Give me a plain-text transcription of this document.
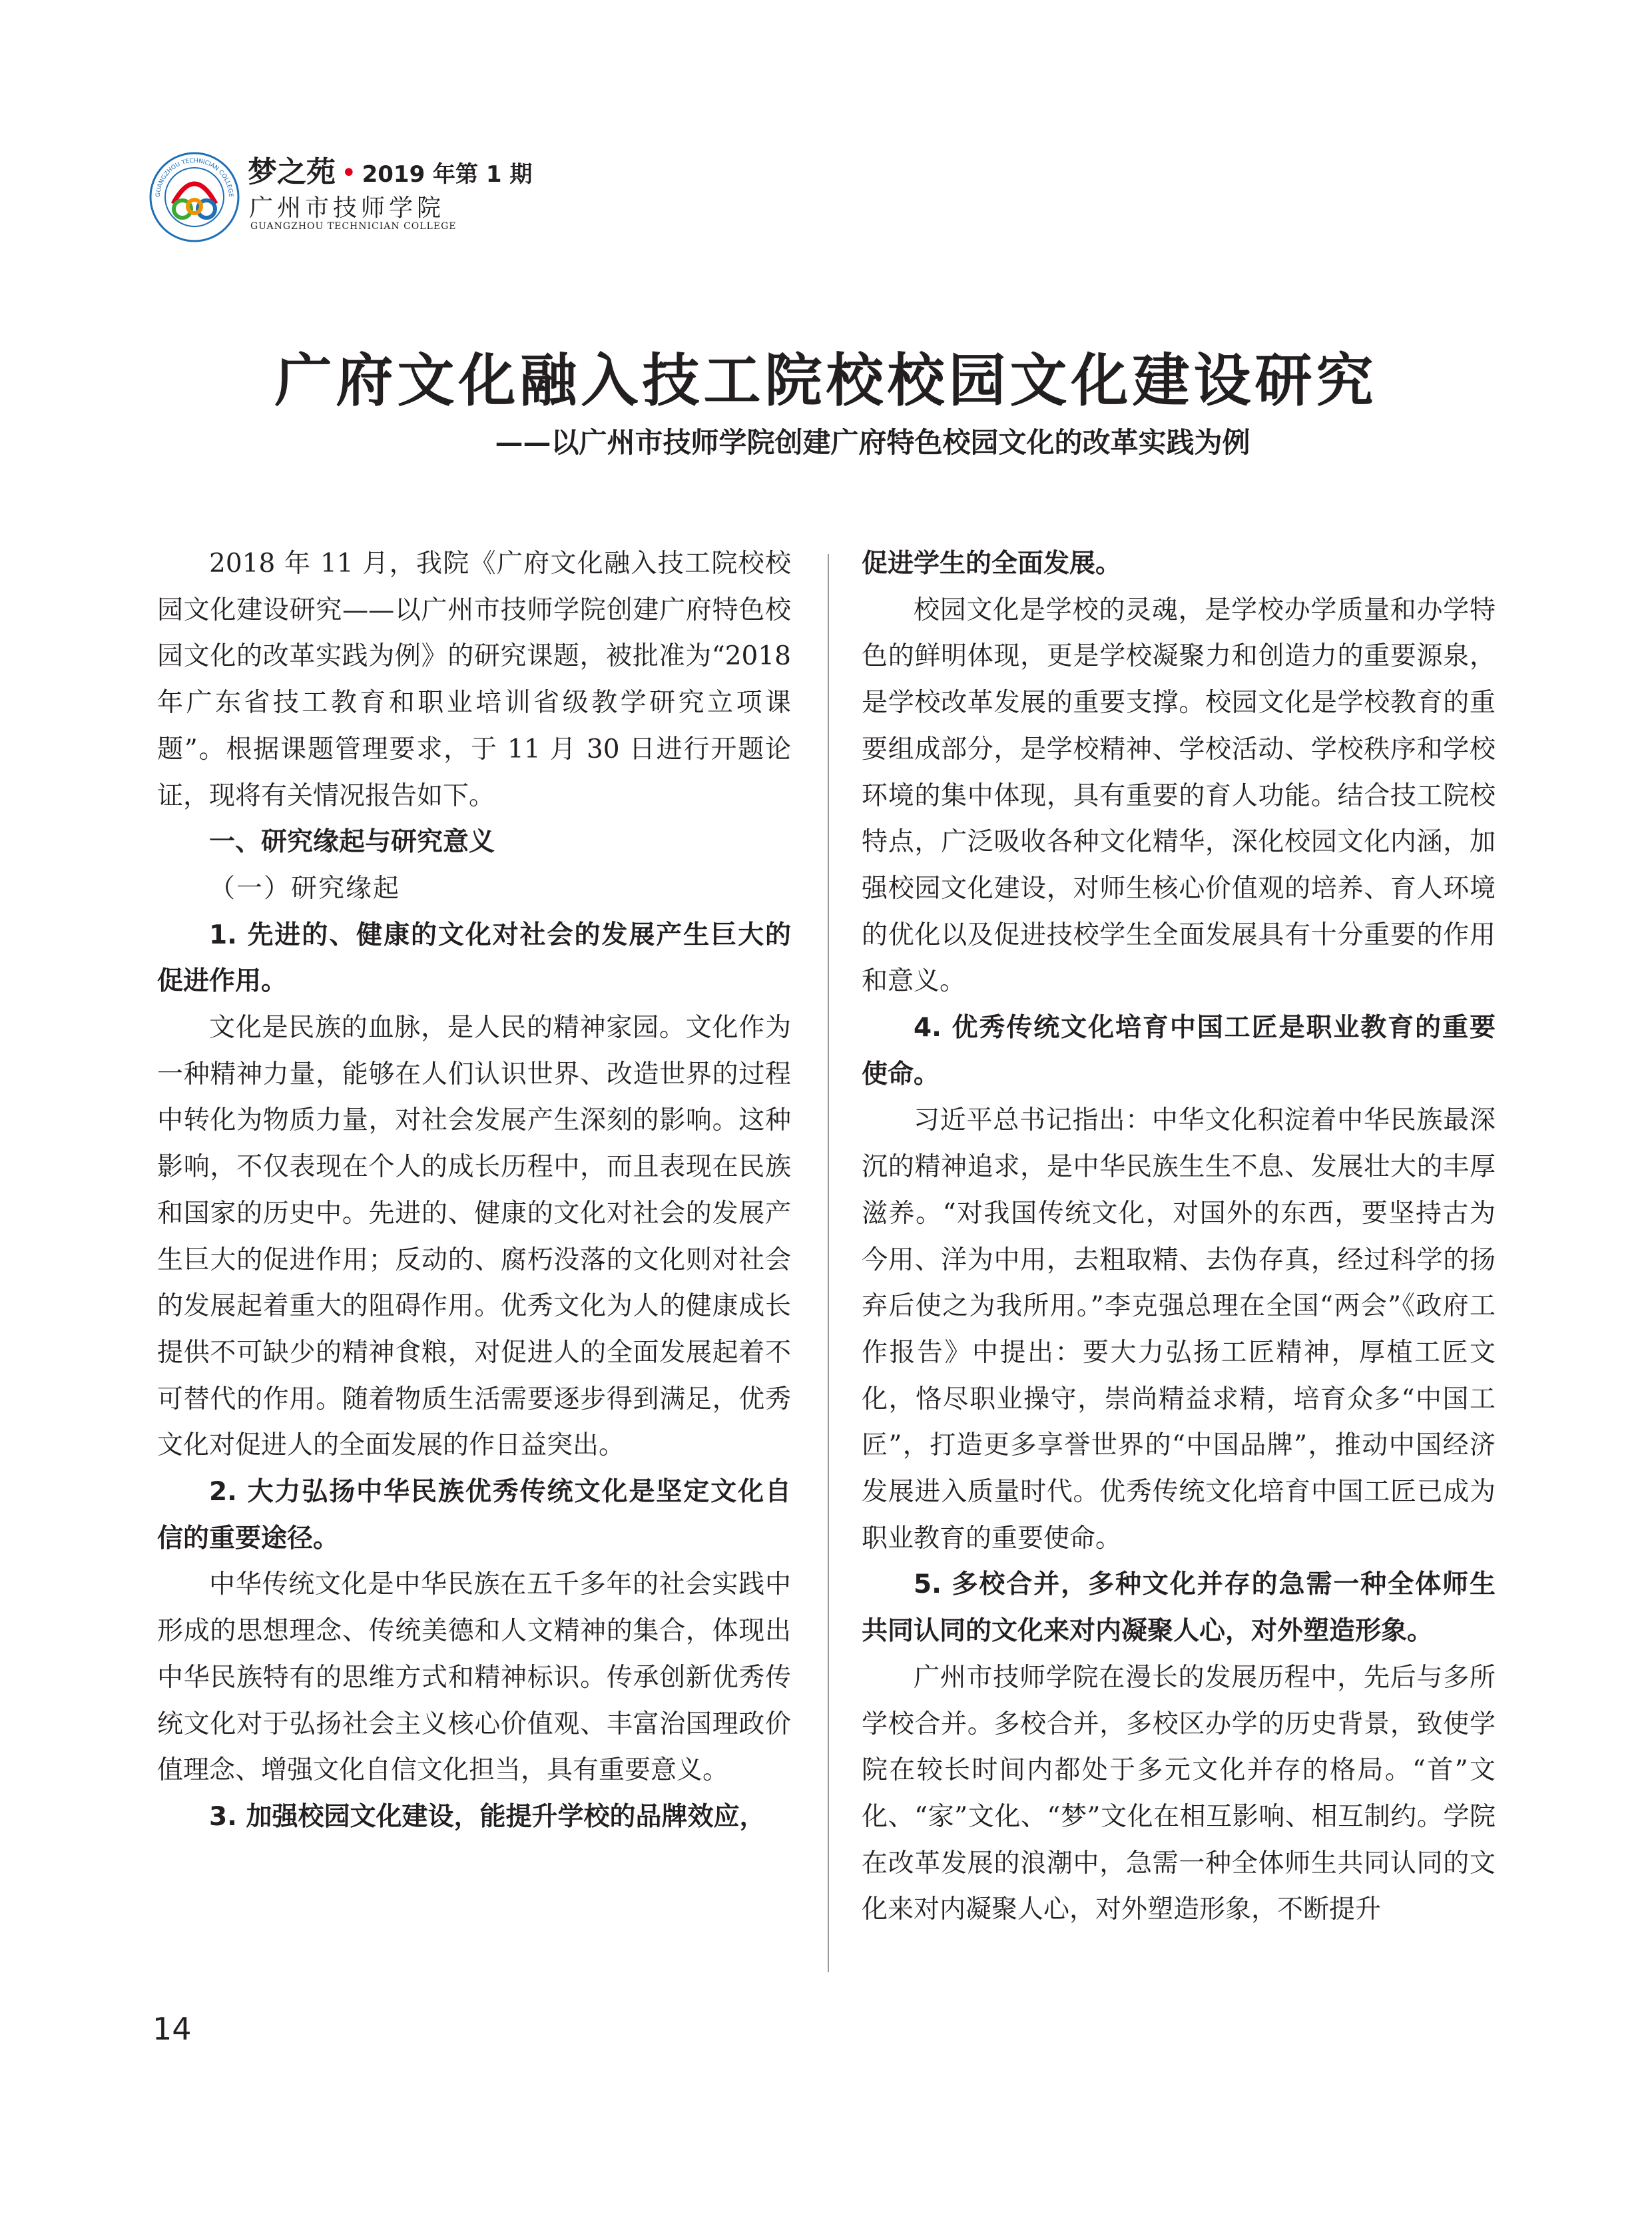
GUANGZHOU TECHNICIAN COLLEGE
梦之苑 • 2019 年第 1 期
广州市技师学院
GUANGZHOU TECHNICIAN COLLEGE
广府文化融入技工院校校园文化建设研究
——以广州市技师学院创建广府特色校园文化的改革实践为例

2018 年 11 月，我院《广府文化融入技工院校校园文化建设研究——以广州市技师学院创建广府特色校园文化的改革实践为例》的研究课题，被批准为“2018 年广东省技工教育和职业培训省级教学研究立项课题”。根据课题管理要求，于 11 月 30 日进行开题论证，现将有关情况报告如下。

一、研究缘起与研究意义

（一）研究缘起

1. 先进的、健康的文化对社会的发展产生巨大的促进作用。

文化是民族的血脉，是人民的精神家园。文化作为一种精神力量，能够在人们认识世界、改造世界的过程中转化为物质力量，对社会发展产生深刻的影响。这种影响，不仅表现在个人的成长历程中，而且表现在民族和国家的历史中。先进的、健康的文化对社会的发展产生巨大的促进作用；反动的、腐朽没落的文化则对社会的发展起着重大的阻碍作用。优秀文化为人的健康成长提供不可缺少的精神食粮，对促进人的全面发展起着不可替代的作用。随着物质生活需要逐步得到满足，优秀文化对促进人的全面发展的作日益突出。

2. 大力弘扬中华民族优秀传统文化是坚定文化自信的重要途径。

中华传统文化是中华民族在五千多年的社会实践中形成的思想理念、传统美德和人文精神的集合，体现出中华民族特有的思维方式和精神标识。传承创新优秀传统文化对于弘扬社会主义核心价值观、丰富治国理政价值理念、增强文化自信文化担当，具有重要意义。

3. 加强校园文化建设，能提升学校的品牌效应，

促进学生的全面发展。

校园文化是学校的灵魂，是学校办学质量和办学特色的鲜明体现，更是学校凝聚力和创造力的重要源泉，是学校改革发展的重要支撑。校园文化是学校教育的重要组成部分，是学校精神、学校活动、学校秩序和学校环境的集中体现，具有重要的育人功能。结合技工院校特点，广泛吸收各种文化精华，深化校园文化内涵，加强校园文化建设，对师生核心价值观的培养、育人环境的优化以及促进技校学生全面发展具有十分重要的作用和意义。

4. 优秀传统文化培育中国工匠是职业教育的重要使命。

习近平总书记指出：中华文化积淀着中华民族最深沉的精神追求，是中华民族生生不息、发展壮大的丰厚滋养。“对我国传统文化，对国外的东西，要坚持古为今用、洋为中用，去粗取精、去伪存真，经过科学的扬弃后使之为我所用。”李克强总理在全国“两会”《政府工作报告》中提出：要大力弘扬工匠精神，厚植工匠文化，恪尽职业操守，崇尚精益求精，培育众多“中国工匠”，打造更多享誉世界的“中国品牌”，推动中国经济发展进入质量时代。优秀传统文化培育中国工匠已成为职业教育的重要使命。

5. 多校合并，多种文化并存的急需一种全体师生共同认同的文化来对内凝聚人心，对外塑造形象。

广州市技师学院在漫长的发展历程中，先后与多所学校合并。多校合并，多校区办学的历史背景，致使学院在较长时间内都处于多元文化并存的格局。“首”文化、“家”文化、“梦”文化在相互影响、相互制约。学院在改革发展的浪潮中，急需一种全体师生共同认同的文化来对内凝聚人心，对外塑造形象，不断提升

14
